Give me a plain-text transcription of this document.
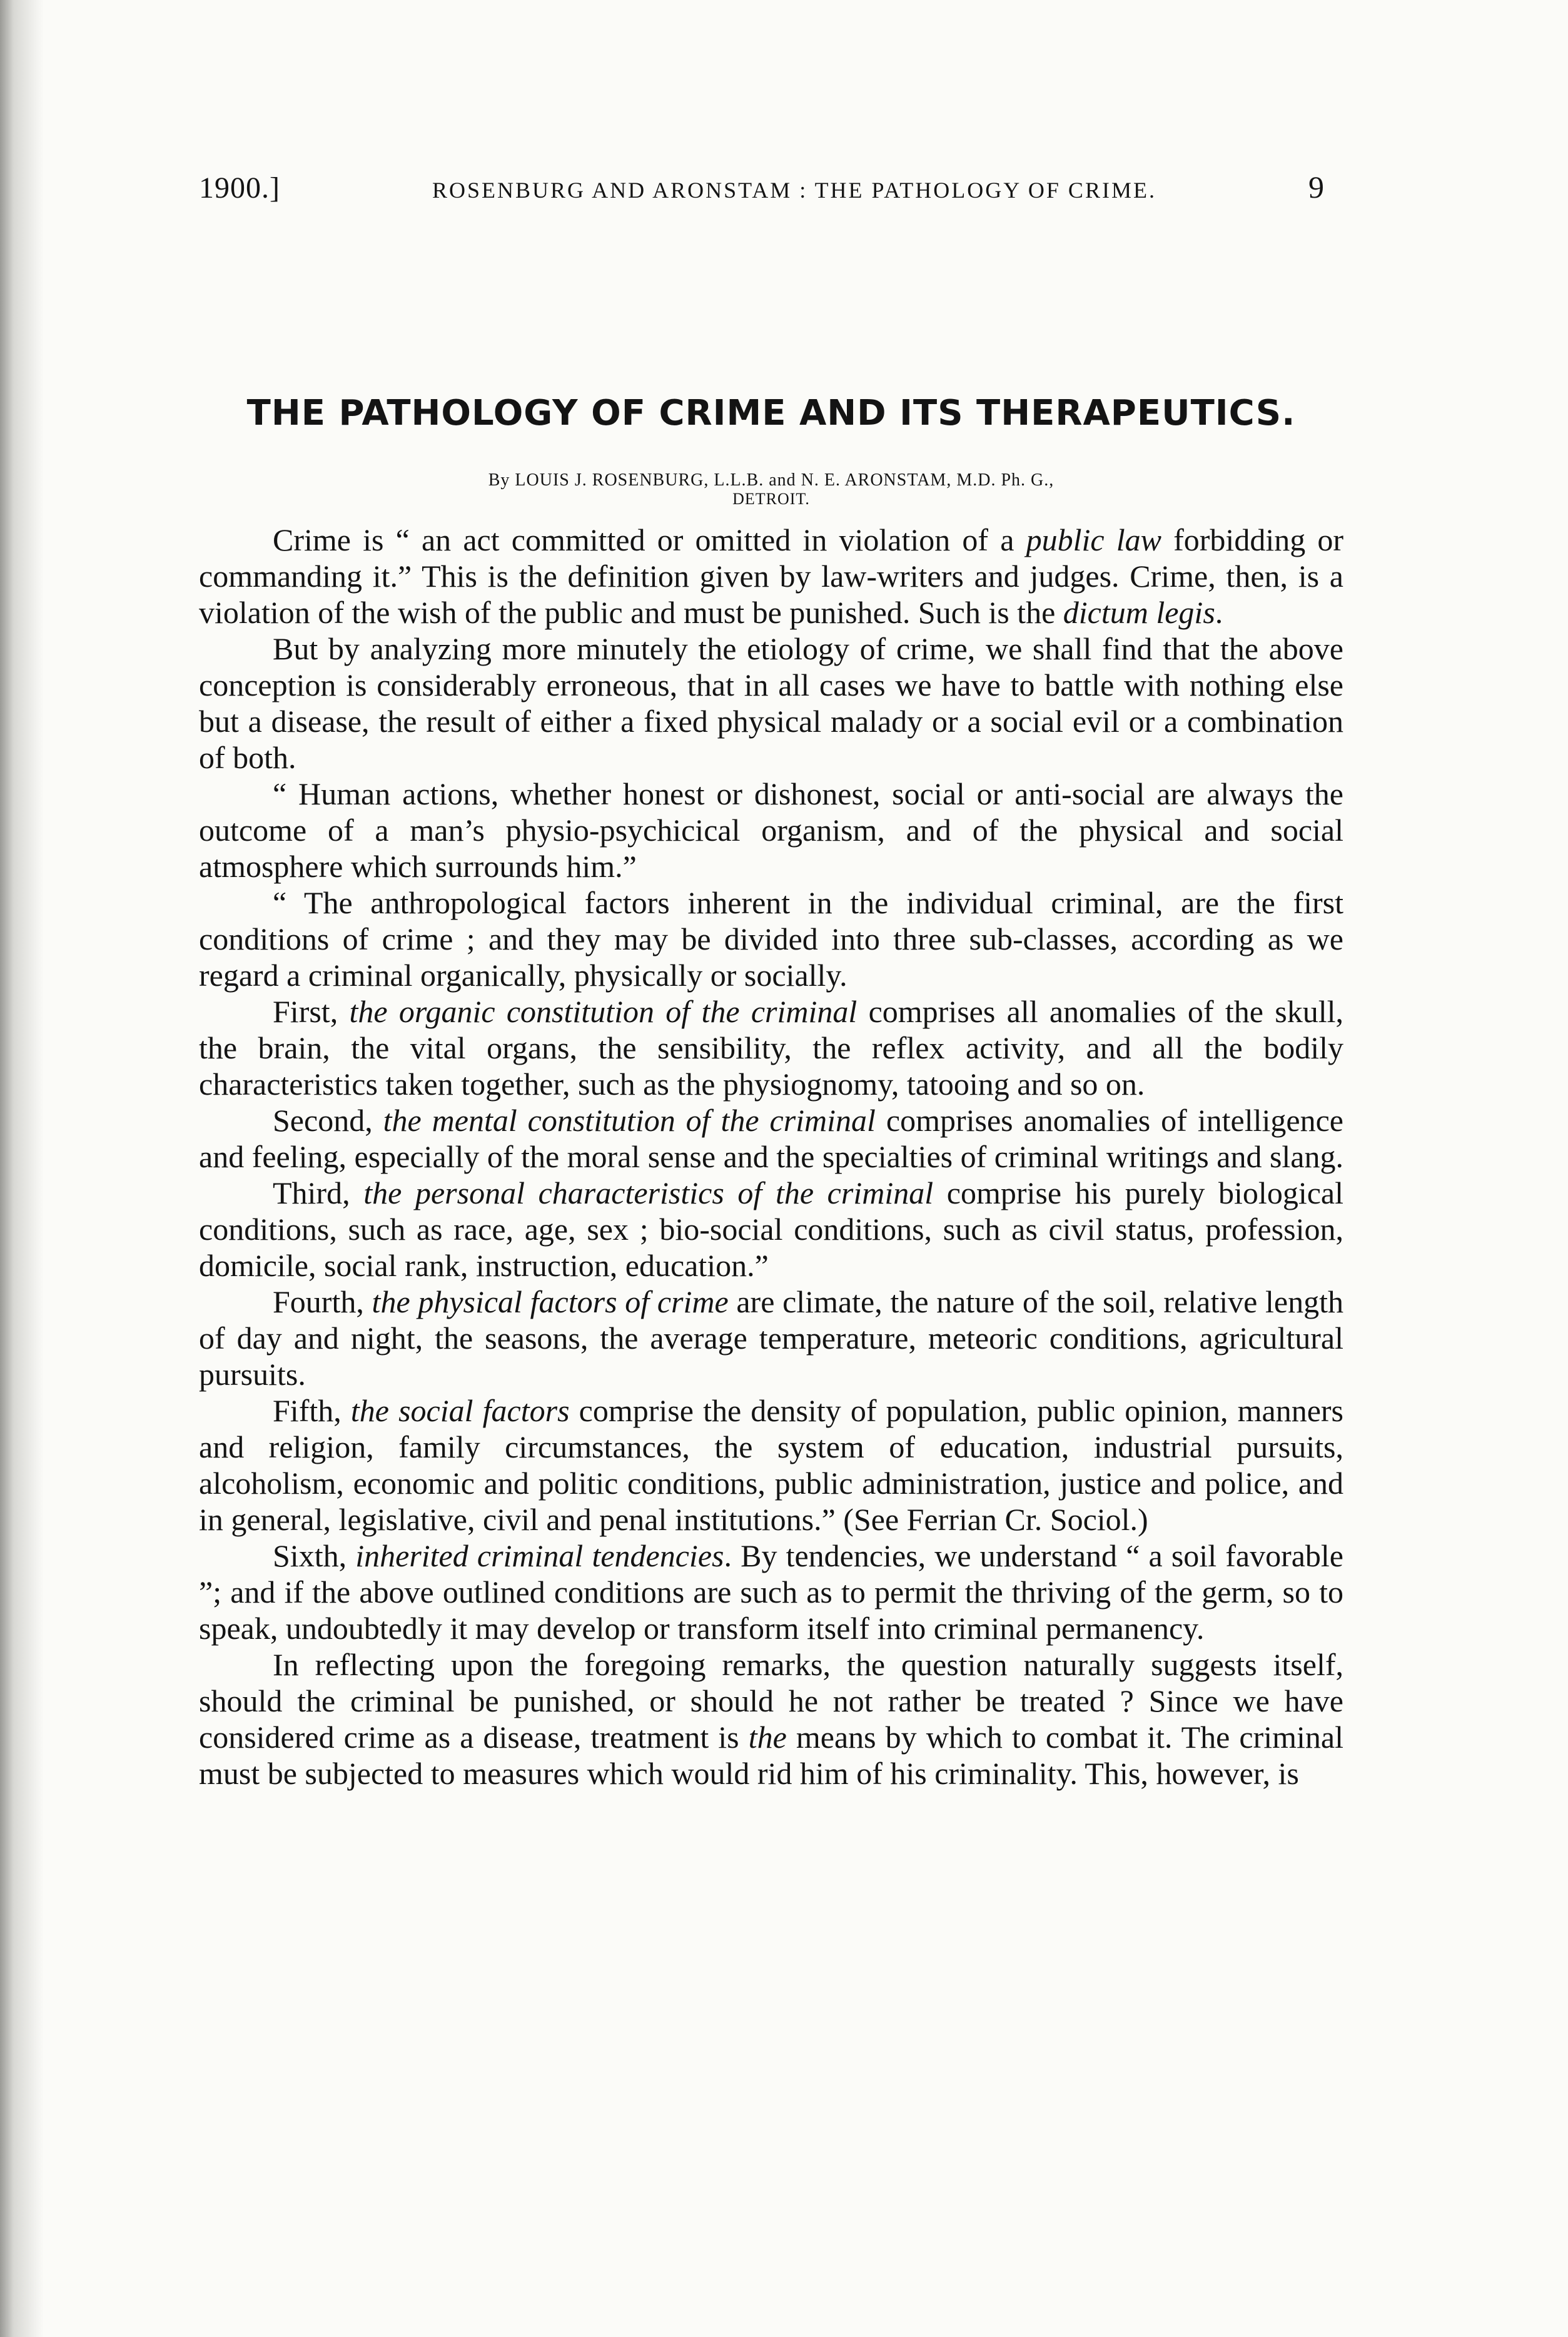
1900.]	ROSENBURG AND ARONSTAM : THE PATHOLOGY OF CRIME.	9
THE PATHOLOGY OF CRIME AND ITS THERAPEUTICS.
By LOUIS J. ROSENBURG, L.L.B. and N. E. ARONSTAM, M.D. Ph. G.,
DETROIT.

Crime is “ an act committed or omitted in violation of a public law forbidding or commanding it.” This is the definition given by law-writers and judges. Crime, then, is a violation of the wish of the public and must be punished. Such is the dictum legis.

But by analyzing more minutely the etiology of crime, we shall find that the above conception is considerably erroneous, that in all cases we have to battle with nothing else but a disease, the result of either a fixed physical malady or a social evil or a combination of both.

“ Human actions, whether honest or dishonest, social or anti-social are always the outcome of a man’s physio-psychicical organism, and of the physical and social atmosphere which surrounds him.”

“ The anthropological factors inherent in the individual criminal, are the first conditions of crime ; and they may be divided into three sub-classes, according as we regard a criminal organically, physically or socially.

First, the organic constitution of the criminal comprises all anomalies of the skull, the brain, the vital organs, the sensibility, the reflex activity, and all the bodily characteristics taken together, such as the physiognomy, tatooing and so on.

Second, the mental constitution of the criminal comprises anomalies of intelligence and feeling, especially of the moral sense and the specialties of criminal writings and slang.

Third, the personal characteristics of the criminal comprise his purely biological conditions, such as race, age, sex ; bio-social conditions, such as civil status, profession, domicile, social rank, instruction, education.”

Fourth, the physical factors of crime are climate, the nature of the soil, relative length of day and night, the seasons, the average temperature, meteoric conditions, agricultural pursuits.

Fifth, the social factors comprise the density of population, public opinion, manners and religion, family circumstances, the system of education, industrial pursuits, alcoholism, economic and politic conditions, public administration, justice and police, and in general, legislative, civil and penal institutions.” (See Ferrian Cr. Sociol.)

Sixth, inherited criminal tendencies. By tendencies, we understand “ a soil favorable ”; and if the above outlined conditions are such as to permit the thriving of the germ, so to speak, undoubtedly it may develop or transform itself into criminal permanency.

In reflecting upon the foregoing remarks, the question naturally suggests itself, should the criminal be punished, or should he not rather be treated ? Since we have considered crime as a disease, treatment is the means by which to combat it. The criminal must be subjected to measures which would rid him of his criminality. This, however, is
